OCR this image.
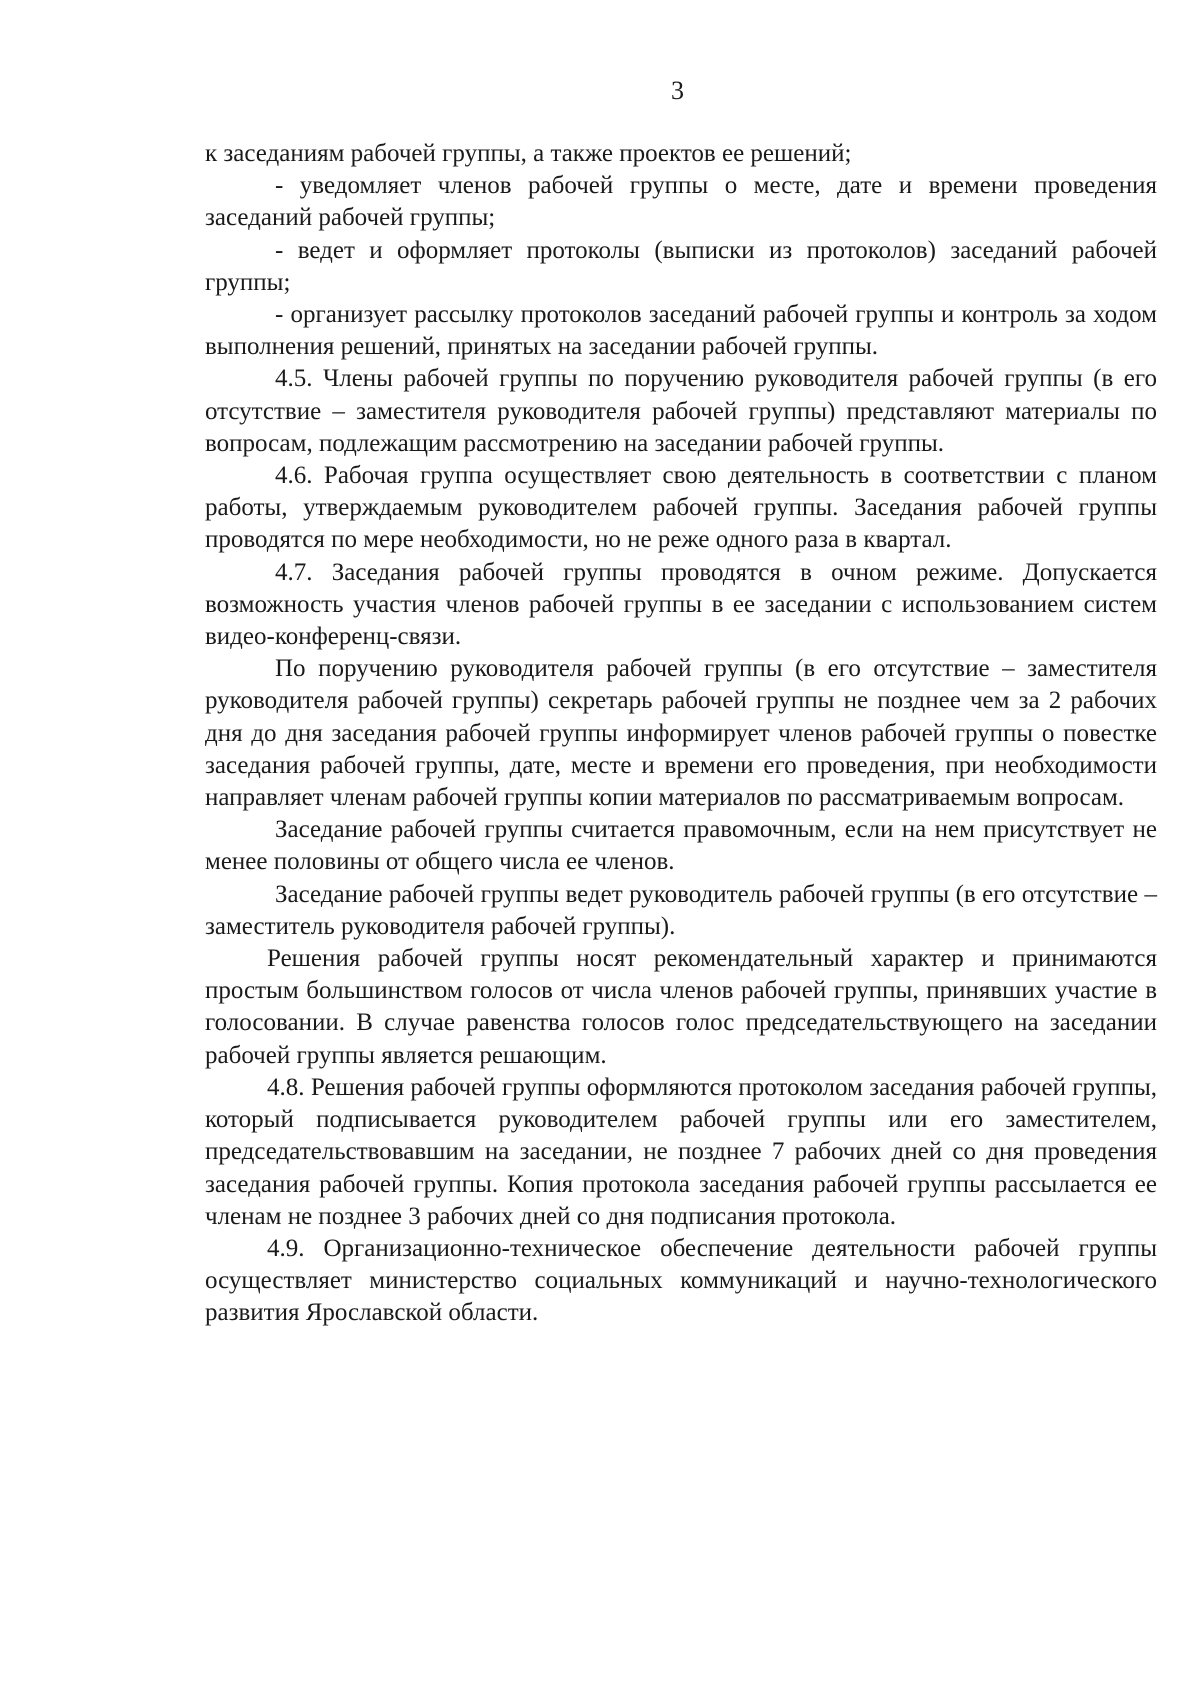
3

к заседаниям рабочей группы, а также проектов ее решений;

- уведомляет членов рабочей группы о месте, дате и времени проведения заседаний рабочей группы;

- ведет и оформляет протоколы (выписки из протоколов) заседаний рабочей группы;

- организует рассылку протоколов заседаний рабочей группы и контроль за ходом выполнения решений, принятых на заседании рабочей группы.

4.5. Члены рабочей группы по поручению руководителя рабочей группы (в его отсутствие – заместителя руководителя рабочей группы) представляют материалы по вопросам, подлежащим рассмотрению на заседании рабочей группы.

4.6. Рабочая группа осуществляет свою деятельность в соответствии с планом работы, утверждаемым руководителем рабочей группы. Заседания рабочей группы проводятся по мере необходимости, но не реже одного раза в квартал.

4.7. Заседания рабочей группы проводятся в очном режиме. Допускается возможность участия членов рабочей группы в ее заседании с использованием систем видео-конференц-связи.

По поручению руководителя рабочей группы (в его отсутствие – заместителя руководителя рабочей группы) секретарь рабочей группы не позднее чем за 2 рабочих дня до дня заседания рабочей группы информирует членов рабочей группы о повестке заседания рабочей группы, дате, месте и времени его проведения, при необходимости направляет членам рабочей группы копии материалов по рассматриваемым вопросам.

Заседание рабочей группы считается правомочным, если на нем присутствует не менее половины от общего числа ее членов.

Заседание рабочей группы ведет руководитель рабочей группы (в его отсутствие – заместитель руководителя рабочей группы).

Решения рабочей группы носят рекомендательный характер и принимаются простым большинством голосов от числа членов рабочей группы, принявших участие в голосовании. В случае равенства голосов голос председательствующего на заседании рабочей группы является решающим.

4.8. Решения рабочей группы оформляются протоколом заседания рабочей группы, который подписывается руководителем рабочей группы или его заместителем, председательствовавшим на заседании, не позднее 7 рабочих дней со дня проведения заседания рабочей группы. Копия протокола заседания рабочей группы рассылается ее членам не позднее 3 рабочих дней со дня подписания протокола.

4.9. Организационно-техническое обеспечение деятельности рабочей группы осуществляет министерство социальных коммуникаций и научно-технологического развития Ярославской области.
